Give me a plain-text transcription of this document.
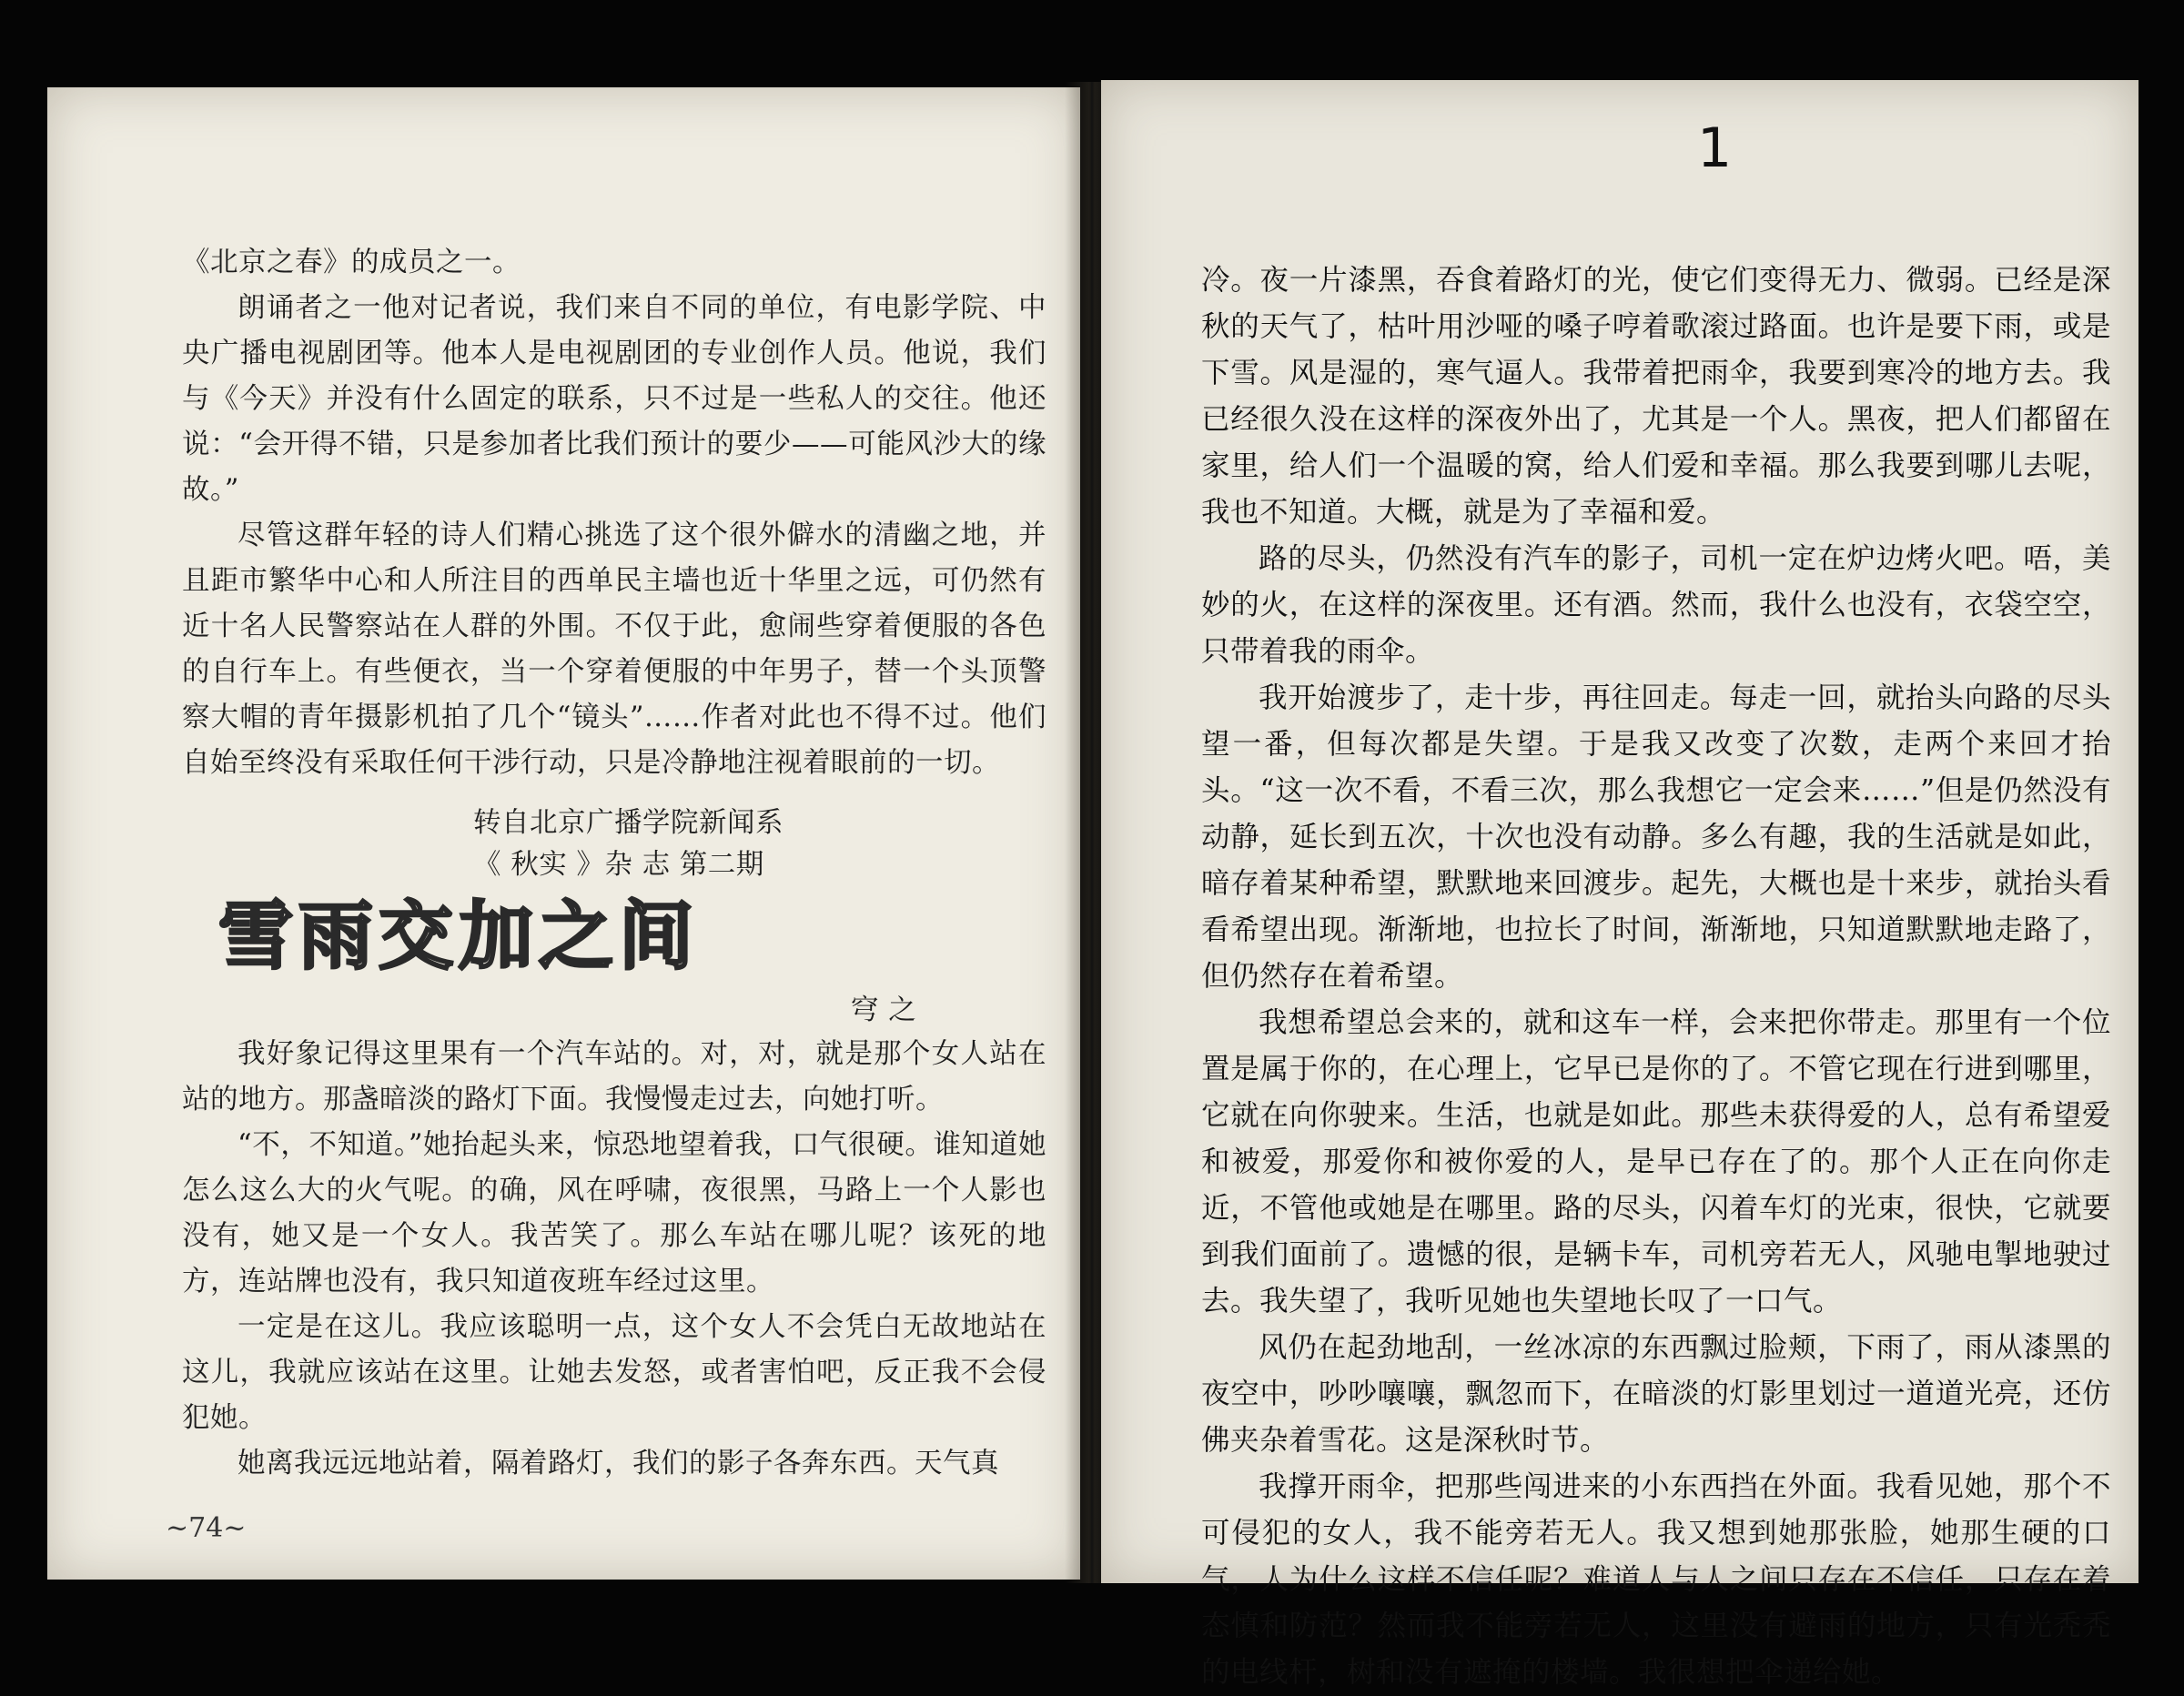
《北京之春》的成员之一。

朗诵者之一他对记者说，我们来自不同的单位，有电影学院、中央广播电视剧团等。他本人是电视剧团的专业创作人员。他说，我们与《今天》并没有什么固定的联系，只不过是一些私人的交往。他还说：“会开得不错，只是参加者比我们预计的要少——可能风沙大的缘故。”

尽管这群年轻的诗人们精心挑选了这个很外僻水的清幽之地，并且距市繁华中心和人所注目的西单民主墙也近十华里之远，可仍然有近十名人民警察站在人群的外围。不仅于此，愈闹些穿着便服的各色的自行车上。有些便衣，当一个穿着便服的中年男子，替一个头顶警察大帽的青年摄影机拍了几个“镜头”……作者对此也不得不过。他们自始至终没有采取任何干涉行动，只是冷静地注视着眼前的一切。

转自北京广播学院新闻系
《 秋实 》杂 志 第二期
雪雨交加之间

穹 之

我好象记得这里果有一个汽车站的。对，对，就是那个女人站在站的地方。那盏暗淡的路灯下面。我慢慢走过去，向她打听。

“不，不知道。”她抬起头来，惊恐地望着我，口气很硬。谁知道她怎么这么大的火气呢。的确，风在呼啸，夜很黑，马路上一个人影也没有，她又是一个女人。我苦笑了。那么车站在哪儿呢？该死的地方，连站牌也没有，我只知道夜班车经过这里。

一定是在这儿。我应该聪明一点，这个女人不会凭白无故地站在这儿，我就应该站在这里。让她去发怒，或者害怕吧，反正我不会侵犯她。

她离我远远地站着，隔着路灯，我们的影子各奔东西。天气真

~74~
1

冷。夜一片漆黑，吞食着路灯的光，使它们变得无力、微弱。已经是深秋的天气了，枯叶用沙哑的嗓子哼着歌滚过路面。也许是要下雨，或是下雪。风是湿的，寒气逼人。我带着把雨伞，我要到寒冷的地方去。我已经很久没在这样的深夜外出了，尤其是一个人。黑夜，把人们都留在家里，给人们一个温暖的窝，给人们爱和幸福。那么我要到哪儿去呢，我也不知道。大概，就是为了幸福和爱。

路的尽头，仍然没有汽车的影子，司机一定在炉边烤火吧。唔，美妙的火，在这样的深夜里。还有酒。然而，我什么也没有，衣袋空空，只带着我的雨伞。

我开始渡步了，走十步，再往回走。每走一回，就抬头向路的尽头望一番，但每次都是失望。于是我又改变了次数，走两个来回才抬头。“这一次不看，不看三次，那么我想它一定会来……”但是仍然没有动静，延长到五次，十次也没有动静。多么有趣，我的生活就是如此，暗存着某种希望，默默地来回渡步。起先，大概也是十来步，就抬头看看希望出现。渐渐地，也拉长了时间，渐渐地，只知道默默地走路了，但仍然存在着希望。

我想希望总会来的，就和这车一样，会来把你带走。那里有一个位置是属于你的，在心理上，它早已是你的了。不管它现在行进到哪里，它就在向你驶来。生活，也就是如此。那些未获得爱的人，总有希望爱和被爱，那爱你和被你爱的人，是早已存在了的。那个人正在向你走近，不管他或她是在哪里。路的尽头，闪着车灯的光束，很快，它就要到我们面前了。遗憾的很，是辆卡车，司机旁若无人，风驰电掣地驶过去。我失望了，我听见她也失望地长叹了一口气。

风仍在起劲地刮，一丝冰凉的东西飘过脸颊，下雨了，雨从漆黑的夜空中，吵吵嚷嚷，飘忽而下，在暗淡的灯影里划过一道道光亮，还仿佛夹杂着雪花。这是深秋时节。

我撑开雨伞，把那些闯进来的小东西挡在外面。我看见她，那个不可侵犯的女人，我不能旁若无人。我又想到她那张脸，她那生硬的口气，人为什么这样不信任呢？难道人与人之间只存在不信任，只存在着态慎和防范？然而我不能旁若无人，这里没有避雨的地方，只有光秃秃的电线杆，树和没有遮掩的楼墙。我很想把伞递给她。
